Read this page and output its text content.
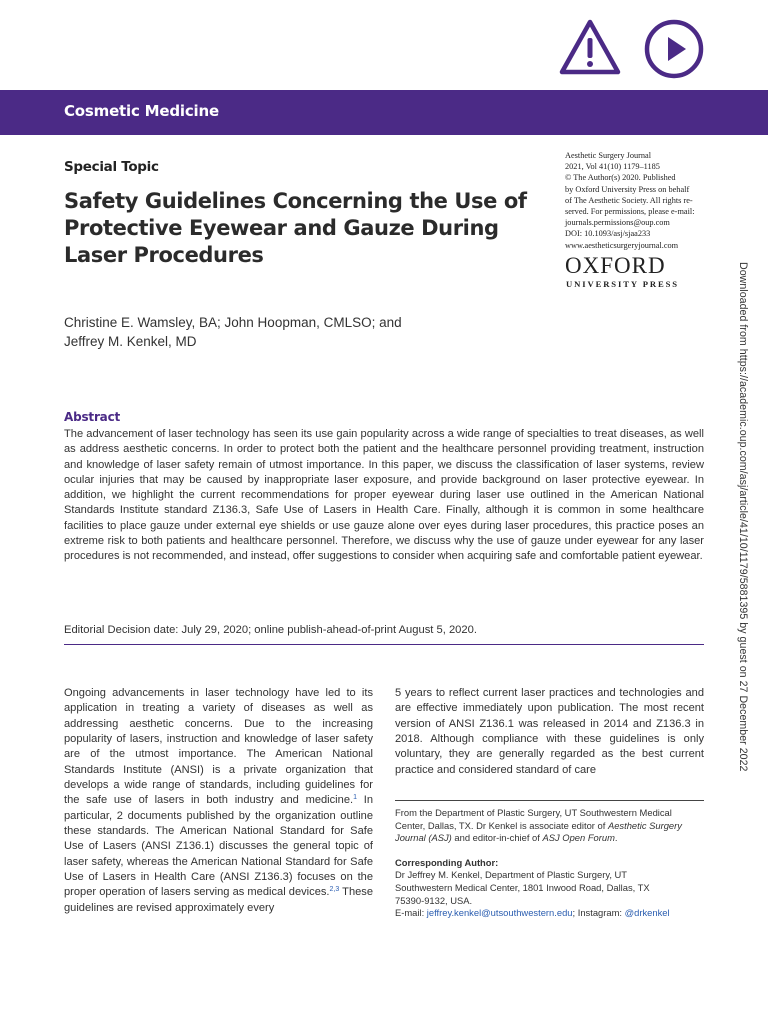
Cosmetic Medicine
Special Topic
Safety Guidelines Concerning the Use of Protective Eyewear and Gauze During Laser Procedures
Aesthetic Surgery Journal
2021, Vol 41(10) 1179–1185
© The Author(s) 2020. Published
by Oxford University Press on behalf
of The Aesthetic Society. All rights re-
served. For permissions, please e-mail:
journals.permissions@oup.com
DOI: 10.1093/asj/sjaa233
www.aestheticsurgeryjournal.com
OXFORD
UNIVERSITY PRESS	Downloaded from https://academic.oup.com/asj/article/41/10/1179/5881395 by guest on 27 December 2022
Christine E. Wamsley, BA; John Hoopman, CMLSO; and
Jeffrey M. Kenkel, MD
Abstract
The advancement of laser technology has seen its use gain popularity across a wide range of specialties to treat diseases, as well as address aesthetic concerns. In order to protect both the patient and the healthcare personnel providing treatment, instruction and knowledge of laser safety remain of utmost importance. In this paper, we discuss the classification of laser systems, review ocular injuries that may be caused by inappropriate laser exposure, and provide background on laser protective eyewear. In addition, we highlight the current recommendations for proper eyewear during laser use outlined in the American National Standards Institute standard Z136.3, Safe Use of Lasers in Health Care. Finally, although it is common in some healthcare facilities to place gauze under external eye shields or use gauze alone over eyes during laser procedures, this practice poses an extreme risk to both patients and healthcare personnel. Therefore, we discuss why the use of gauze under eyewear for any laser procedures is not recommended, and instead, offer suggestions to consider when acquiring safe and comfortable patient eyewear.
Editorial Decision date: July 29, 2020; online publish-ahead-of-print August 5, 2020.
Ongoing advancements in laser technology have led to its application in treating a variety of diseases as well as addressing aesthetic concerns. Due to the increasing popularity of lasers, instruction and knowledge of laser safety are of the utmost importance. The American National Standards Institute (ANSI) is a private organization that develops a wide range of standards, including guidelines for the safe use of lasers in both industry and medicine.$^1$ In particular, 2 documents published by the organization outline these standards. The American National Standard for Safe Use of Lasers (ANSI Z136.1) discusses the general topic of laser safety, whereas the American National Standard for Safe Use of Lasers in Health Care (ANSI Z136.3) focuses on the proper operation of lasers serving as medical devices.$^{2,3}$ These guidelines are revised approximately every
5 years to reflect current laser practices and technologies and are effective immediately upon publication. The most recent version of ANSI Z136.1 was released in 2014 and Z136.3 in 2018. Although compliance with these guidelines is only voluntary, they are generally regarded as the best current practice and considered standard of care

From the Department of Plastic Surgery, UT Southwestern Medical Center, Dallas, TX. Dr Kenkel is associate editor of Aesthetic Surgery Journal (ASJ) and editor-in-chief of ASJ Open Forum.

Corresponding Author:
Dr Jeffrey M. Kenkel, Department of Plastic Surgery, UT
Southwestern Medical Center, 1801 Inwood Road, Dallas, TX
75390-9132, USA.
E-mail: jeffrey.kenkel@utsouthwestern.edu; Instagram: @drkenkel
